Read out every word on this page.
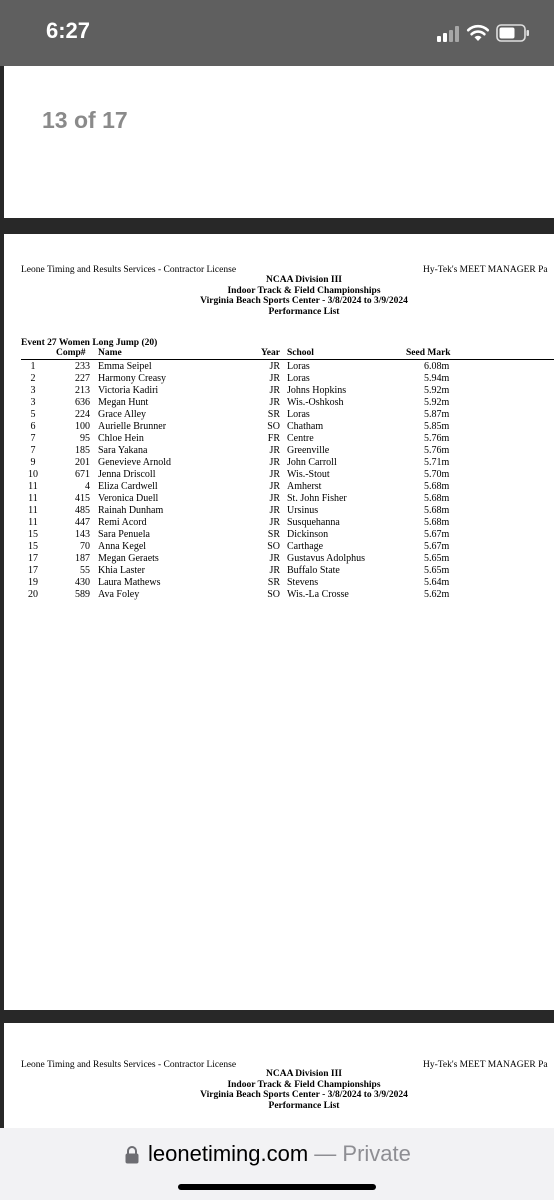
6:27
13 of 17
Leone Timing and Results Services - Contractor License	Hy-Tek's MEET MANAGER Pa
NCAA Division III
Indoor Track & Field Championships
Virginia Beach Sports Center - 3/8/2024 to 3/9/2024
Performance List
Event 27 Women Long Jump (20)
Comp# Name	Year School	Seed Mark
1	233 Emma Seipel	JR Loras	6.08m
2	227 Harmony Creasy	JR Loras	5.94m
3	213 Victoria Kadiri	JR Johns Hopkins	5.92m
3	636 Megan Hunt	JR Wis.-Oshkosh	5.92m
5	224 Grace Alley	SR Loras	5.87m
6	100 Aurielle Brunner	SO Chatham	5.85m
7	95 Chloe Hein	FR Centre	5.76m
7	185 Sara Yakana	JR Greenville	5.76m
9	201 Genevieve Arnold	JR John Carroll	5.71m
10	671 Jenna Driscoll	JR Wis.-Stout	5.70m
11	4 Eliza Cardwell	JR Amherst	5.68m
11	415 Veronica Duell	JR St. John Fisher	5.68m
11	485 Rainah Dunham	JR Ursinus	5.68m
11	447 Remi Acord	JR Susquehanna	5.68m
15	143 Sara Penuela	SR Dickinson	5.67m
15	70 Anna Kegel	SO Carthage	5.67m
17	187 Megan Geraets	JR Gustavus Adolphus	5.65m
17	55 Khia Laster	JR Buffalo State	5.65m
19	430 Laura Mathews	SR Stevens	5.64m
20	589 Ava Foley	SO Wis.-La Crosse	5.62m
Leone Timing and Results Services - Contractor License	Hy-Tek's MEET MANAGER Pa
NCAA Division III
Indoor Track & Field Championships
Virginia Beach Sports Center - 3/8/2024 to 3/9/2024
Performance List
leonetiming.com — Private
